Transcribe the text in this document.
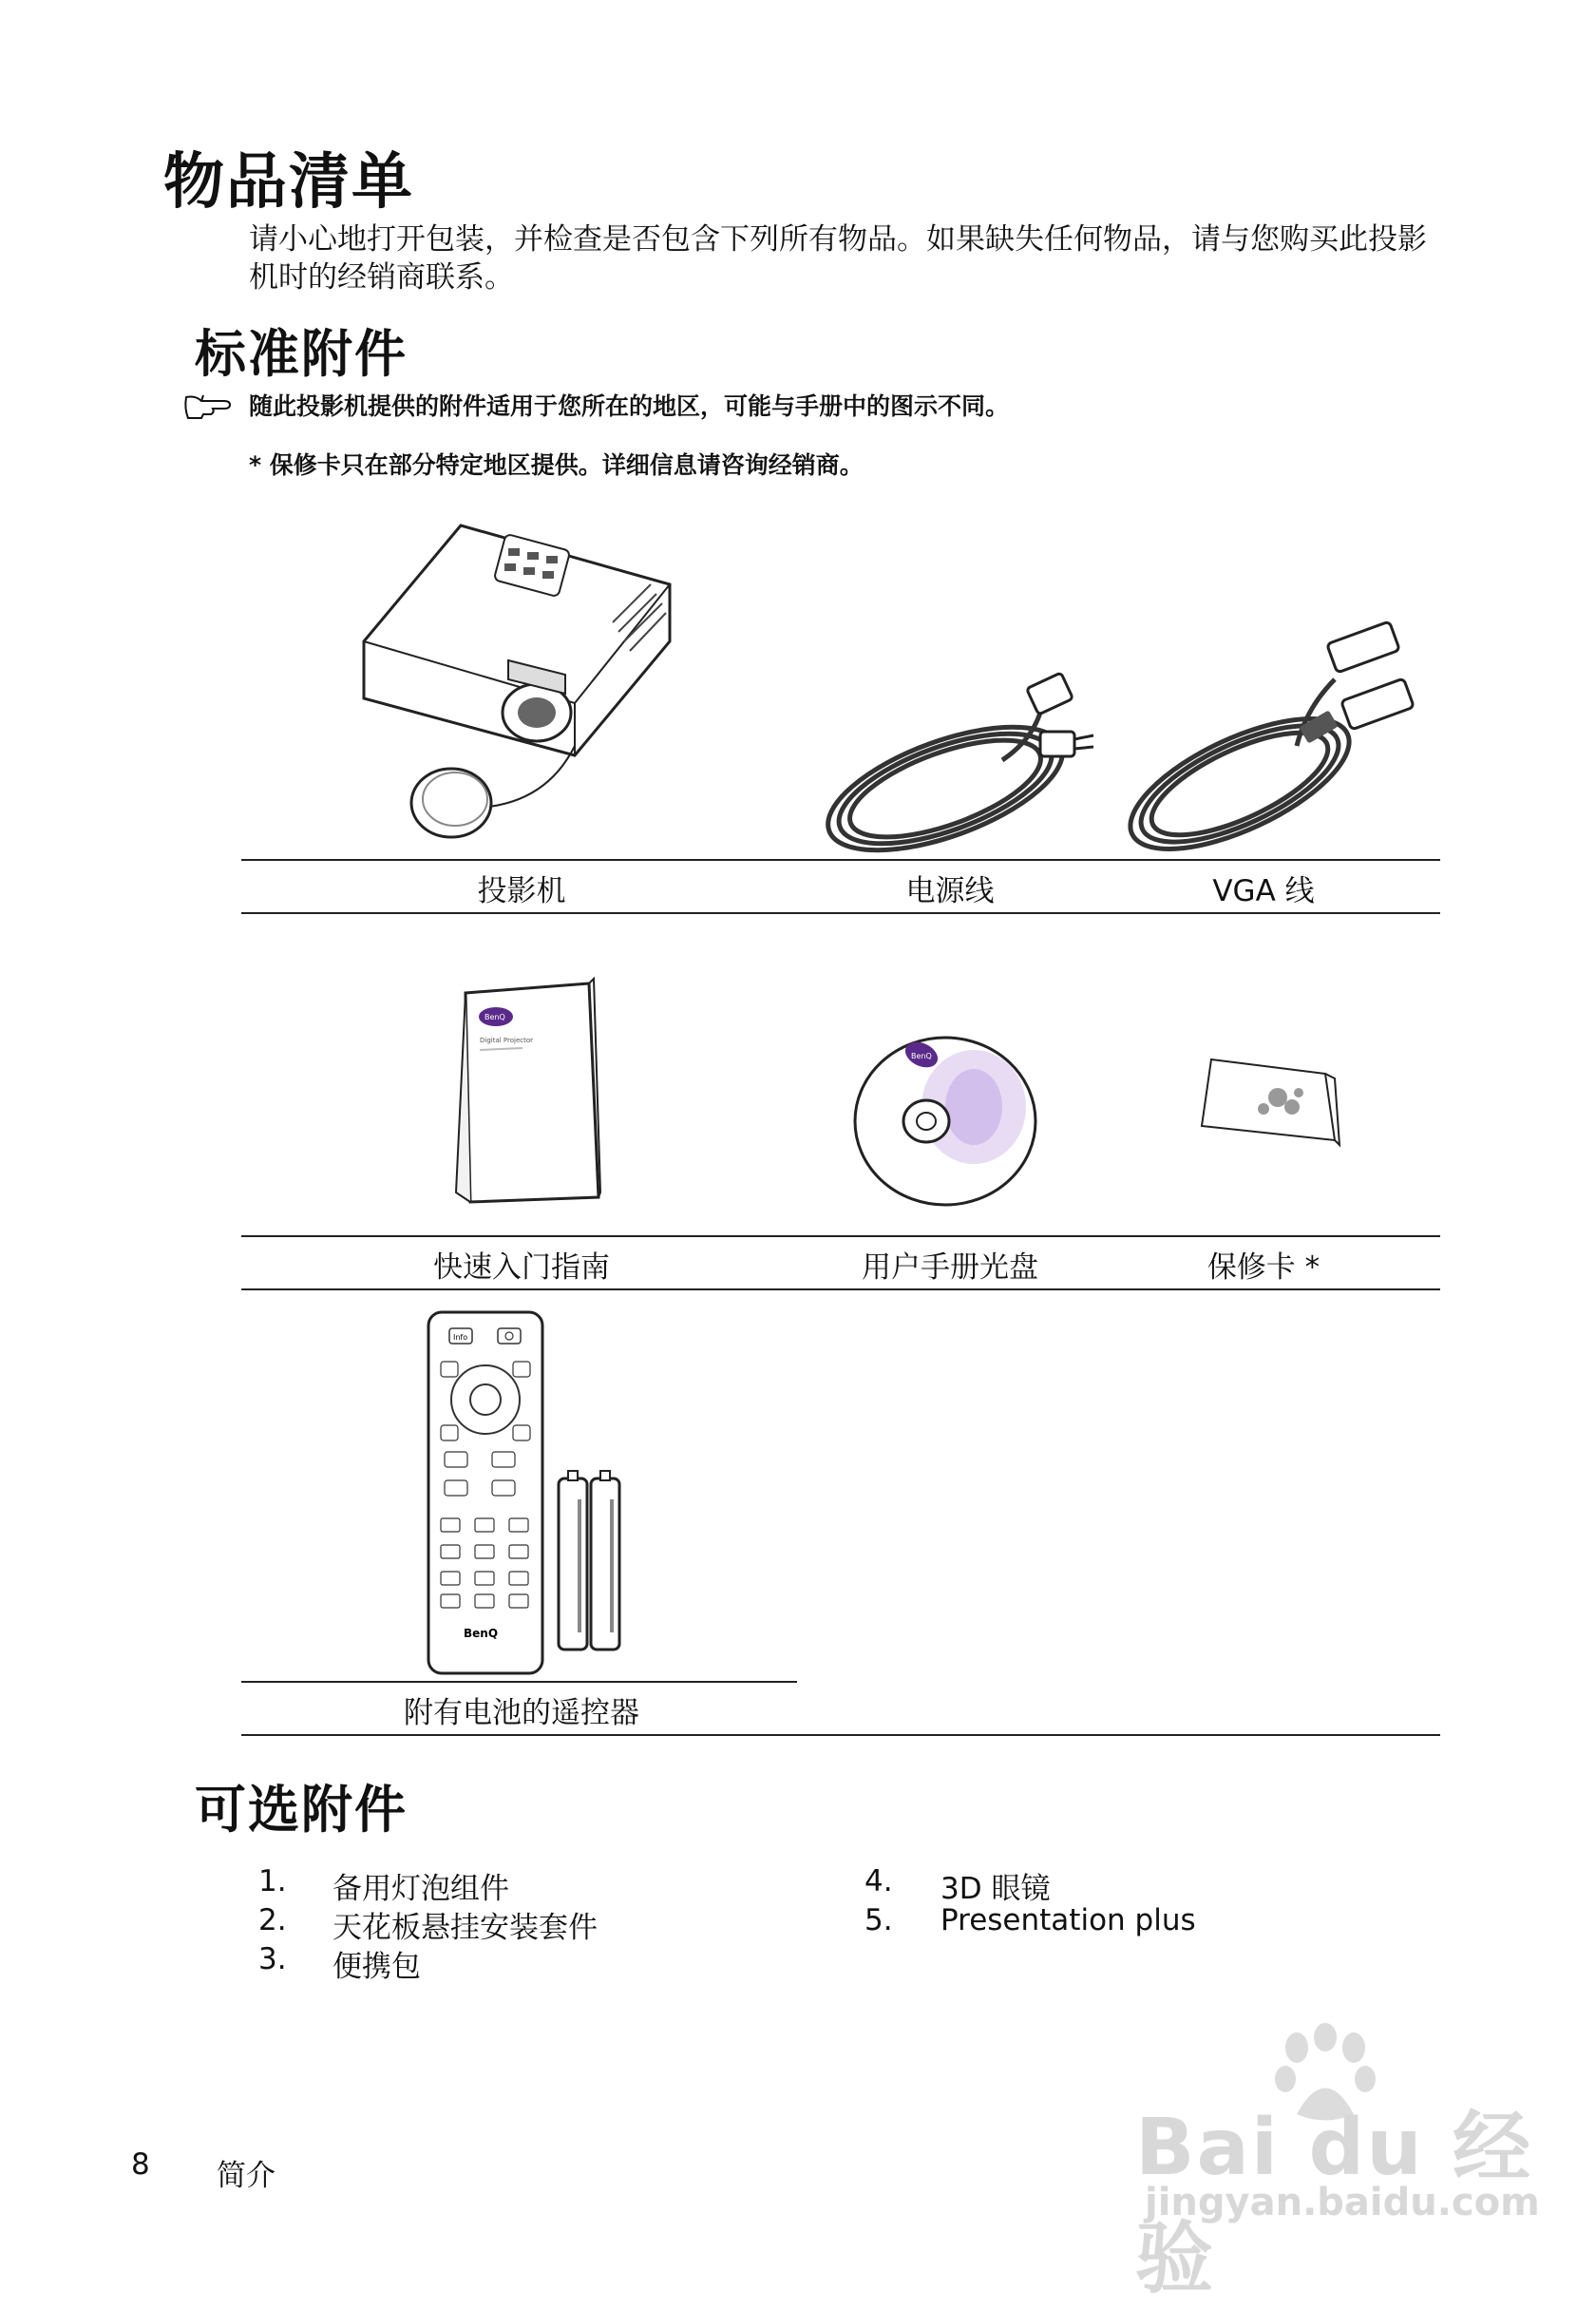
物品清单
请小心地打开包装，并检查是否包含下列所有物品。如果缺失任何物品，请与您购买此投影机时的经销商联系。
标准附件
随此投影机提供的附件适用于您所在的地区，可能与手册中的图示不同。
* 保修卡只在部分特定地区提供。详细信息请咨询经销商。
投影机	电源线	VGA 线
BenQ
Digital Projector
BenQ
快速入门指南	用户手册光盘	保修卡 *
Info
BenQ
附有电池的遥控器
可选附件
1. 备用灯泡组件
2. 天花板悬挂安装套件
3. 便携包
4. 3D 眼镜
5. Presentation plus
8 简介	Bai du 经验
jingyan.baidu.com
